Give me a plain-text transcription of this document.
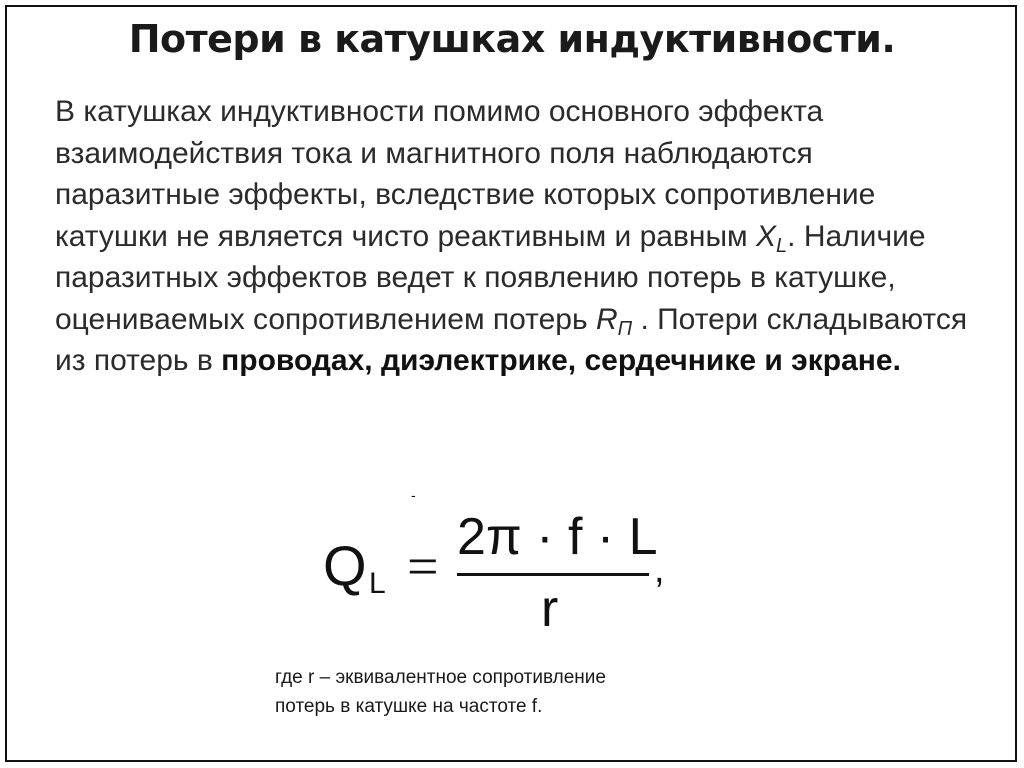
Потери в катушках индуктивности.
В катушках индуктивности помимо основного эффекта взаимодействия тока и магнитного поля наблюдаются паразитные эффекты, вследствие которых сопротивление катушки не является чисто реактивным и равным $X_L$. Наличие паразитных эффектов ведет к появлению потерь в катушке, оцениваемых сопротивлением потерь $R_П$ . Потери складываются из потерь в проводах, диэлектрике, сердечнике и экране.
-
Q L = 2π · f · L
r
,
где r – эквивалентное сопротивление
потерь в катушке на частоте f.
